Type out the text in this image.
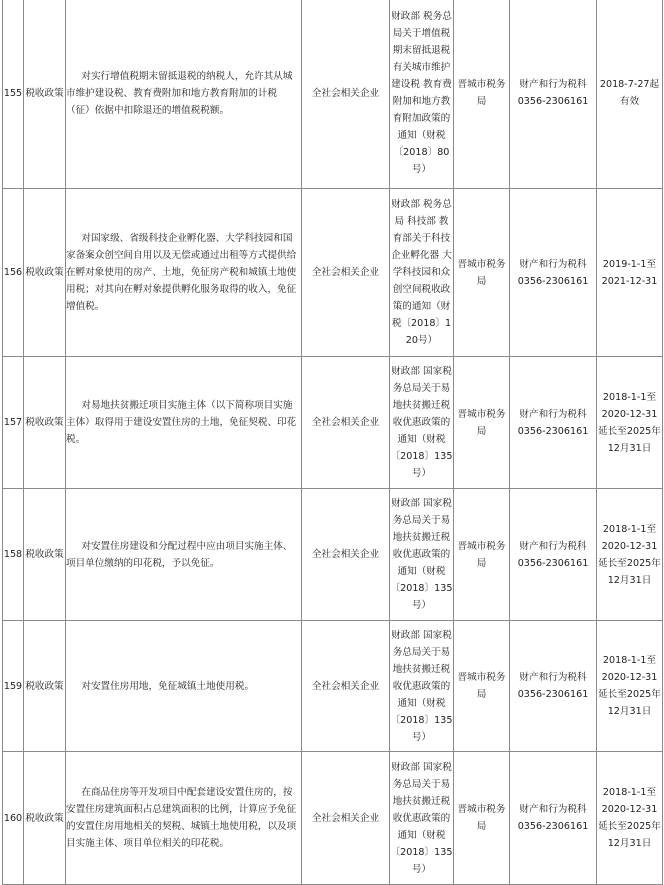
155	税收政策	对实行增值税期末留抵退税的纳税人，允许其从城市维护建设税、教育费附加和地方教育附加的计税（征）依据中扣除退还的增值税税额。	全社会相关企业	财政部 税务总局关于增值税期末留抵退税有关城市维护建设税 教育费附加和地方教育附加政策的通知（财税〔2018〕80号）	晋城市税务局	财产和行为税科 0356-2306161	2018-7-27起有效
156	税收政策	对国家级、省级科技企业孵化器、大学科技园和国家备案众创空间自用以及无偿或通过出租等方式提供给在孵对象使用的房产、土地，免征房产税和城镇土地使用税；对其向在孵对象提供孵化服务取得的收入，免征增值税。	全社会相关企业	财政部 税务总局 科技部 教育部关于科技企业孵化器 大学科技园和众创空间税收政策的通知（财税〔2018〕120号）	晋城市税务局	财产和行为税科 0356-2306161	2019-1-1至2021-12-31
157	税收政策	对易地扶贫搬迁项目实施主体（以下简称项目实施主体）取得用于建设安置住房的土地，免征契税、印花税。	全社会相关企业	财政部 国家税务总局关于易地扶贫搬迁税收优惠政策的通知（财税〔2018〕135号）	晋城市税务局	财产和行为税科 0356-2306161	2018-1-1至2020-12-31 延长至2025年12月31日
158	税收政策	对安置住房建设和分配过程中应由项目实施主体、项目单位缴纳的印花税，予以免征。	全社会相关企业	财政部 国家税务总局关于易地扶贫搬迁税收优惠政策的通知（财税〔2018〕135号）	晋城市税务局	财产和行为税科 0356-2306161	2018-1-1至2020-12-31 延长至2025年12月31日
159	税收政策	对安置住房用地，免征城镇土地使用税。	全社会相关企业	财政部 国家税务总局关于易地扶贫搬迁税收优惠政策的通知（财税〔2018〕135号）	晋城市税务局	财产和行为税科 0356-2306161	2018-1-1至2020-12-31 延长至2025年12月31日
160	税收政策	在商品住房等开发项目中配套建设安置住房的，按安置住房建筑面积占总建筑面积的比例，计算应予免征的安置住房用地相关的契税、城镇土地使用税，以及项目实施主体、项目单位相关的印花税。	全社会相关企业	财政部 国家税务总局关于易地扶贫搬迁税收优惠政策的通知（财税〔2018〕135号）	晋城市税务局	财产和行为税科 0356-2306161	2018-1-1至2020-12-31 延长至2025年12月31日
